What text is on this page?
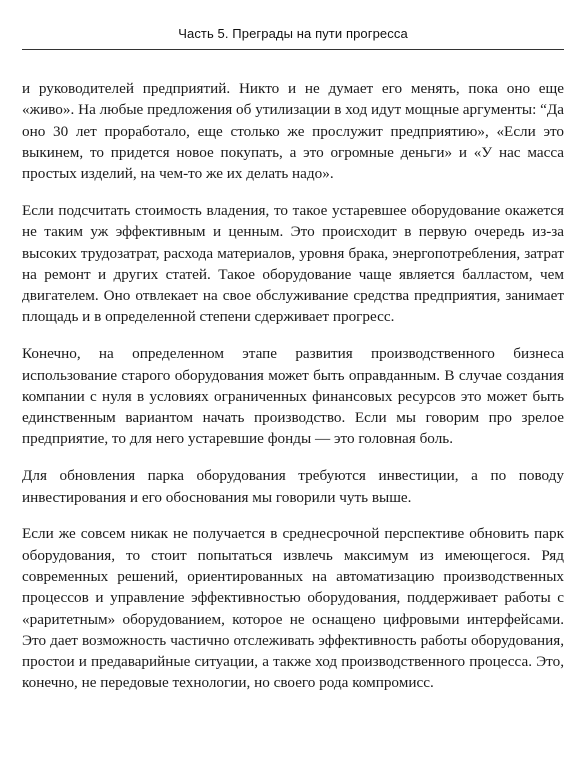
Часть 5. Преграды на пути прогресса

и руководителей предприятий. Никто и не думает его менять, пока оно еще «живо». На любые предложения об утилизации в ход идут мощные аргументы: “Да оно 30 лет проработало, еще столько же прослужит предприятию», «Если это выкинем, то придется новое покупать, а это огромные деньги» и «У нас масса простых изделий, на чем-то же их делать надо».

Если подсчитать стоимость владения, то такое устаревшее оборудование окажется не таким уж эффективным и ценным. Это происходит в первую очередь из-за высоких трудозатрат, расхода материалов, уровня брака, энергопотребления, затрат на ремонт и других статей. Такое оборудование чаще является балластом, чем двигателем. Оно отвлекает на свое обслуживание средства предприятия, занимает площадь и в определенной степени сдерживает прогресс.

Конечно, на определенном этапе развития производственного бизнеса использование старого оборудования может быть оправданным. В случае создания компании с нуля в условиях ограниченных финансовых ресурсов это может быть единственным вариантом начать производство. Если мы говорим про зрелое предприятие, то для него устаревшие фонды — это головная боль.

Для обновления парка оборудования требуются инвестиции, а по поводу инвестирования и его обоснования мы говорили чуть выше.

Если же совсем никак не получается в среднесрочной перспективе обновить парк оборудования, то стоит попытаться извлечь максимум из имеющегося. Ряд современных решений, ориентированных на автоматизацию производственных процессов и управление эффективностью оборудования, поддерживает работы с «раритетным» оборудованием, которое не оснащено цифровыми интерфейсами. Это дает возможность частично отслеживать эффективность работы оборудования, простои и предаварийные ситуации, а также ход производственного процесса. Это, конечно, не передовые технологии, но своего рода компромисс.
